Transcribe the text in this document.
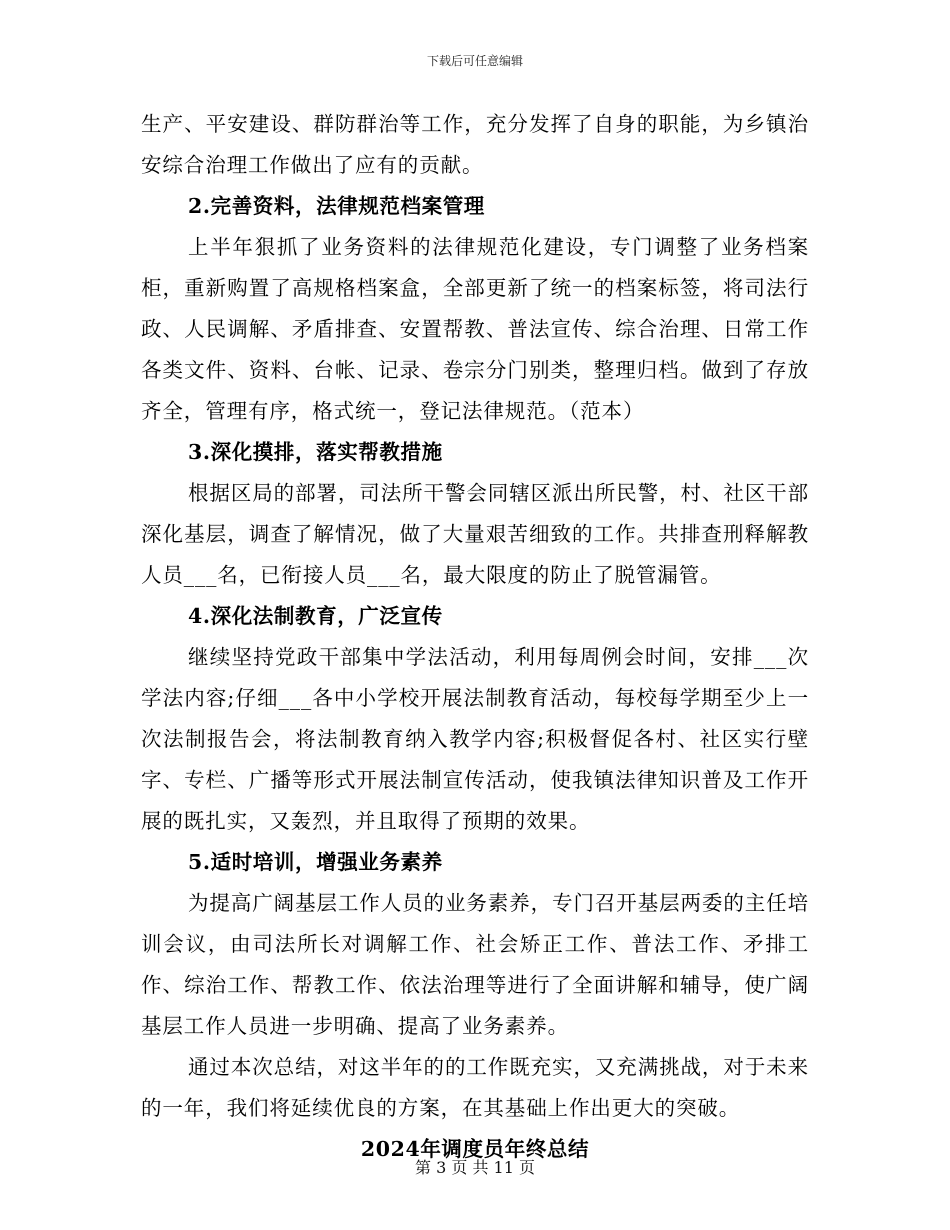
下载后可任意编辑

生产、平安建设、群防群治等工作，充分发挥了自身的职能，为乡镇治安综合治理工作做出了应有的贡献。

2.完善资料，法律规范档案管理

上半年狠抓了业务资料的法律规范化建设，专门调整了业务档案柜，重新购置了高规格档案盒，全部更新了统一的档案标签，将司法行政、人民调解、矛盾排查、安置帮教、普法宣传、综合治理、日常工作各类文件、资料、台帐、记录、卷宗分门别类，整理归档。做到了存放齐全，管理有序，格式统一，登记法律规范。（范本）

3.深化摸排，落实帮教措施

根据区局的部署，司法所干警会同辖区派出所民警，村、社区干部深化基层，调查了解情况，做了大量艰苦细致的工作。共排查刑释解教人员___名，已衔接人员___名，最大限度的防止了脱管漏管。

4.深化法制教育，广泛宣传

继续坚持党政干部集中学法活动，利用每周例会时间，安排___次学法内容;仔细___各中小学校开展法制教育活动，每校每学期至少上一次法制报告会，将法制教育纳入教学内容;积极督促各村、社区实行壁字、专栏、广播等形式开展法制宣传活动，使我镇法律知识普及工作开展的既扎实，又轰烈，并且取得了预期的效果。

5.适时培训，增强业务素养

为提高广阔基层工作人员的业务素养，专门召开基层两委的主任培训会议，由司法所长对调解工作、社会矫正工作、普法工作、矛排工作、综治工作、帮教工作、依法治理等进行了全面讲解和辅导，使广阔基层工作人员进一步明确、提高了业务素养。

通过本次总结，对这半年的的工作既充实，又充满挑战，对于未来的一年，我们将延续优良的方案，在其基础上作出更大的突破。

2024年调度员年终总结

第 3 页 共 11 页
